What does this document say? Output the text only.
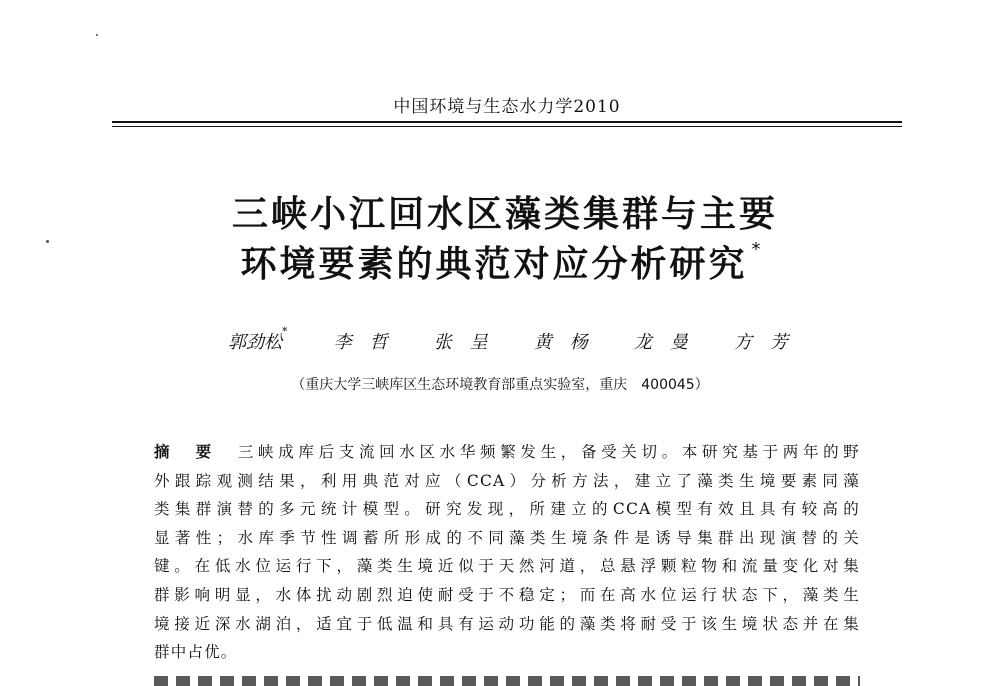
中国环境与生态水力学2010
三峡小江回水区藻类集群与主要
环境要素的典范对应分析研究 *
郭劲松*
李　哲	张　呈	黄　杨	龙　曼	方　芳
（重庆大学三峡库区生态环境教育部重点实验室，重庆　400045）
摘 要 三峡成库后支流回水区水华频繁发生，备受关切。本研究基于两年的野
外跟踪观测结果，利用典范对应（CCA）分析方法，建立了藻类生境要素同藻
类集群演替的多元统计模型。研究发现，所建立的CCA模型有效且具有较高的
显著性；水库季节性调蓄所形成的不同藻类生境条件是诱导集群出现演替的关
键。在低水位运行下，藻类生境近似于天然河道，总悬浮颗粒物和流量变化对集
群影响明显，水体扰动剧烈迫使耐受于不稳定；而在高水位运行状态下，藻类生
境接近深水湖泊，适宜于低温和具有运动功能的藻类将耐受于该生境状态并在集
群中占优。
